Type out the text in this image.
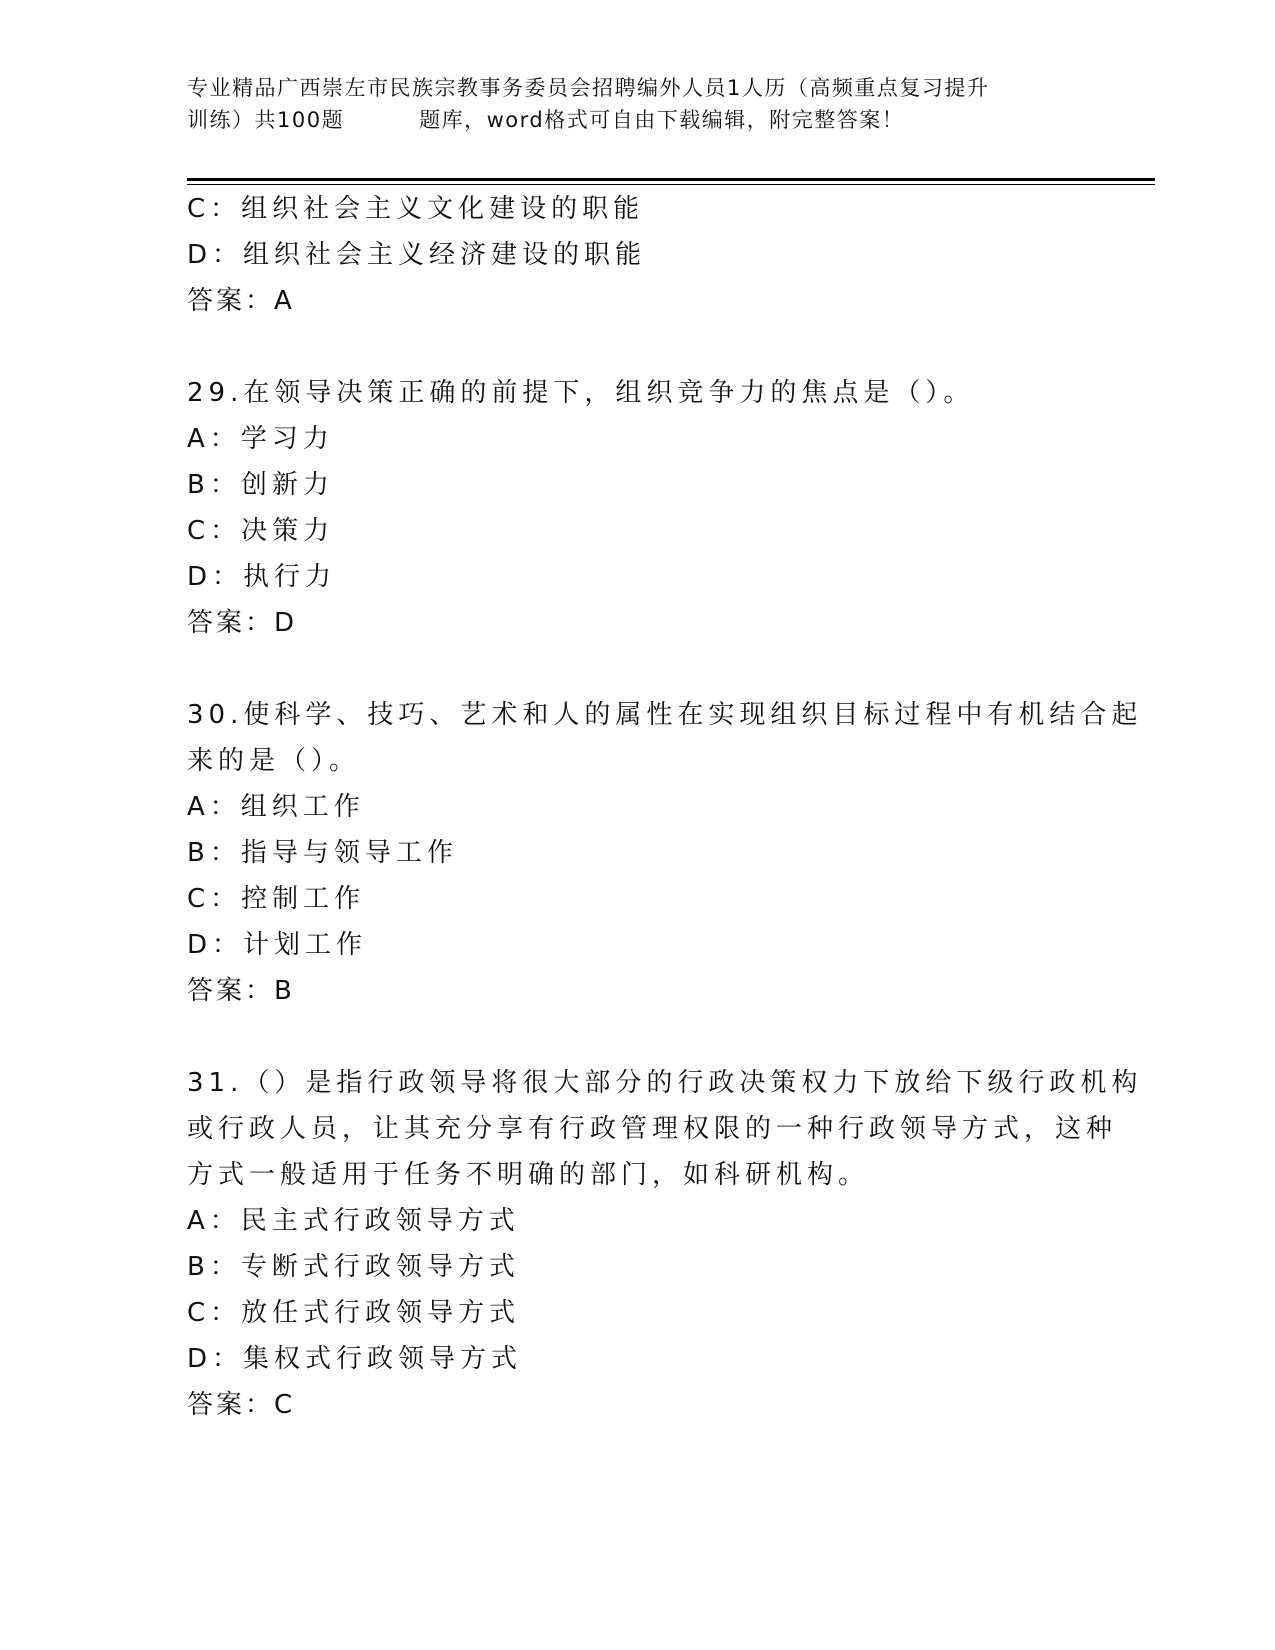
专业精品广西崇左市民族宗教事务委员会招聘编外人员1人历（高频重点复习提升
训练）共100题	题库，word格式可自由下载编辑，附完整答案！
C：组织社会主义文化建设的职能
D：组织社会主义经济建设的职能
答案：A
29.在领导决策正确的前提下，组织竞争力的焦点是（）。
A：学习力
B：创新力
C：决策力
D：执行力
答案：D
30.使科学、技巧、艺术和人的属性在实现组织目标过程中有机结合起
来的是（）。
A：组织工作
B：指导与领导工作
C：控制工作
D：计划工作
答案：B
31.（）是指行政领导将很大部分的行政决策权力下放给下级行政机构
或行政人员，让其充分享有行政管理权限的一种行政领导方式，这种
方式一般适用于任务不明确的部门，如科研机构。
A：民主式行政领导方式
B：专断式行政领导方式
C：放任式行政领导方式
D：集权式行政领导方式
答案：C
